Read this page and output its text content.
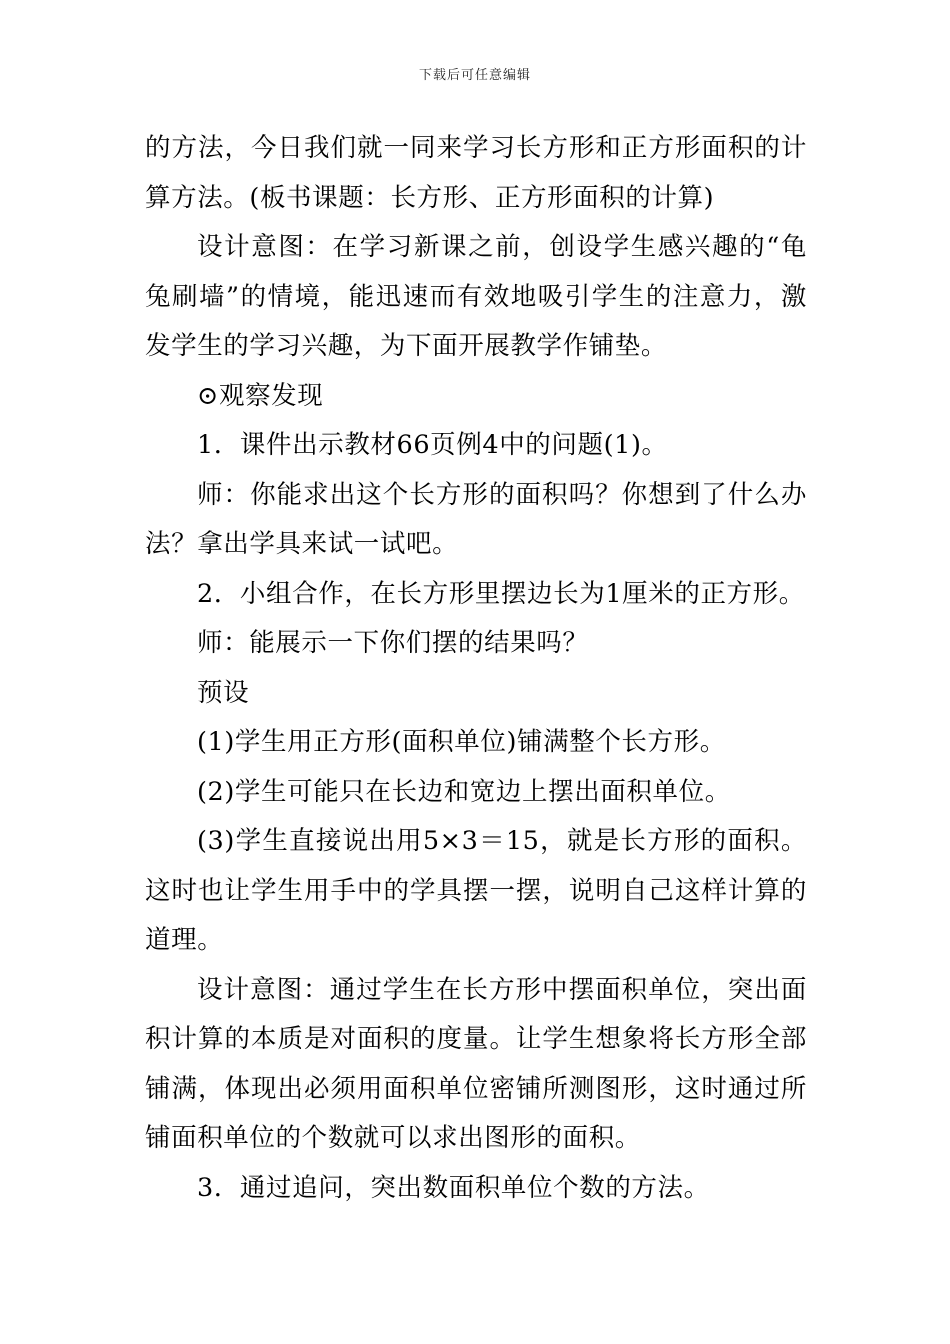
下载后可任意编辑

的方法，今日我们就一同来学习长方形和正方形面积的计算方法。(板书课题：长方形、正方形面积的计算)

设计意图：在学习新课之前，创设学生感兴趣的“龟兔刷墙”的情境，能迅速而有效地吸引学生的注意力，激发学生的学习兴趣，为下面开展教学作铺垫。

⊙观察发现

1．课件出示教材66页例4中的问题(1)。

师：你能求出这个长方形的面积吗？你想到了什么办法？拿出学具来试一试吧。

2．小组合作，在长方形里摆边长为1厘米的正方形。

师：能展示一下你们摆的结果吗？

预设

(1)学生用正方形(面积单位)铺满整个长方形。

(2)学生可能只在长边和宽边上摆出面积单位。

(3)学生直接说出用5×3＝15，就是长方形的面积。这时也让学生用手中的学具摆一摆，说明自己这样计算的道理。

设计意图：通过学生在长方形中摆面积单位，突出面积计算的本质是对面积的度量。让学生想象将长方形全部铺满，体现出必须用面积单位密铺所测图形，这时通过所铺面积单位的个数就可以求出图形的面积。

3．通过追问，突出数面积单位个数的方法。
